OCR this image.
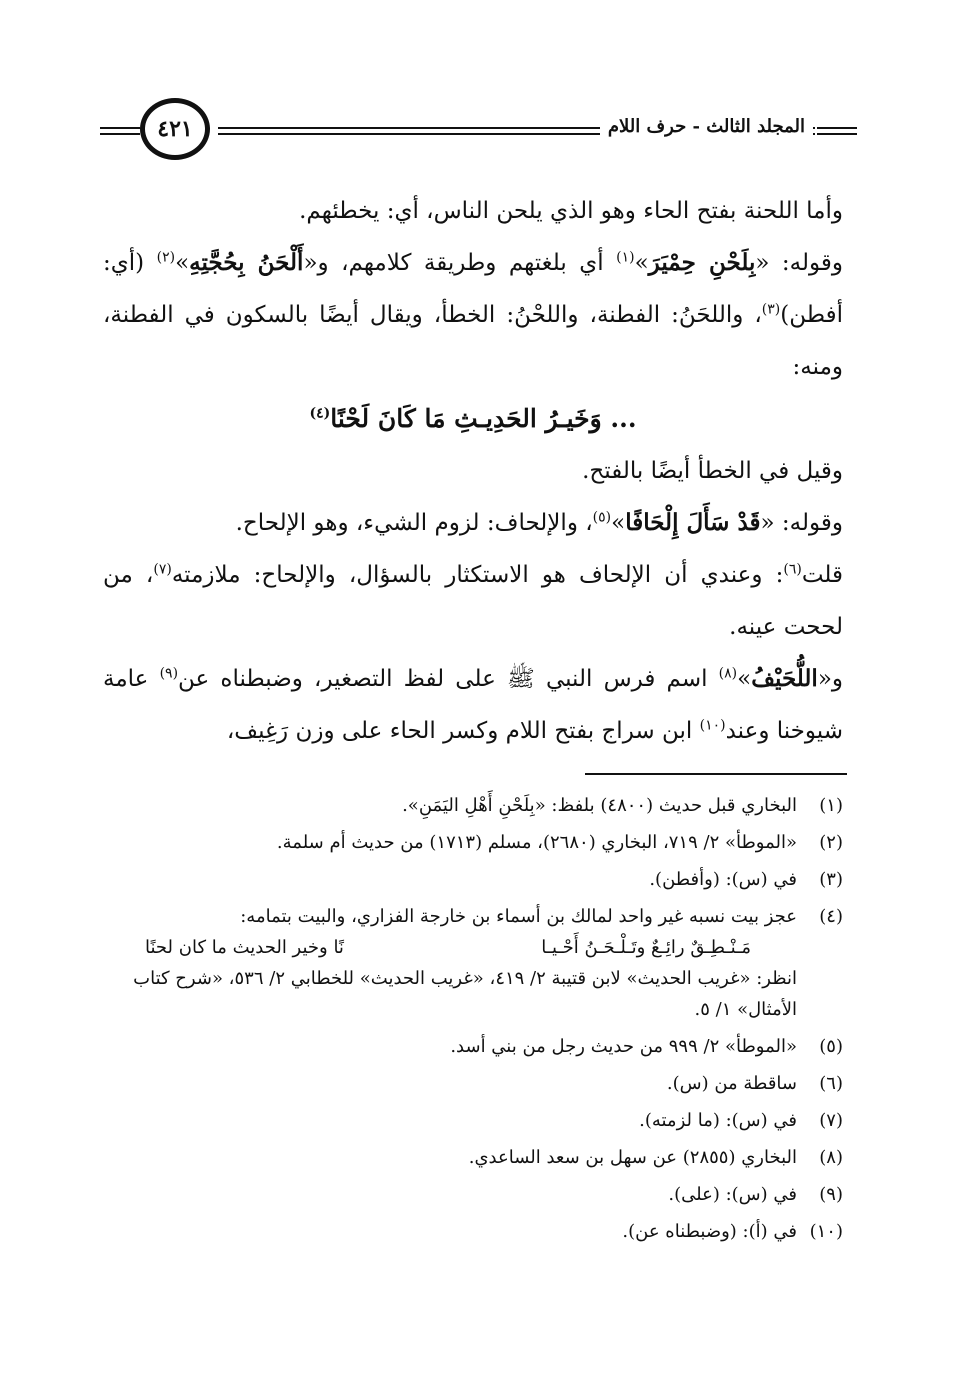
٤٢١	المجلد الثالث - حرف اللام

وأما اللحنة بفتح الحاء وهو الذي يلحن الناس، أي: يخطئهم.

وقوله: «بِلَحْنِ حِمْيَرَ»$^{(١)}$ أي بلغتهم وطريقة كلامهم، و«أَلْحَنُ بِحُجَّتِهِ»$^{(٢)}$ (أي: أفطن)$^{(٣)}$، واللحَنُ: الفطنة، واللحْنُ: الخطأ، ويقال أيضًا بالسكون في الفطنة، ومنه:

... وَخَيـرُ الحَدِيـثِ مَا كَانَ لَحْنًا$^{(٤)}$

وقيل في الخطأ أيضًا بالفتح.

وقوله: «قَدْ سَأَلَ إِلْحَافًا»$^{(٥)}$، والإلحاف: لزوم الشيء، وهو الإلحاح.

قلت$^{(٦)}$: وعندي أن الإلحاف هو الاستكثار بالسؤال، والإلحاح: ملازمته$^{(٧)}$، من لححت عينه.

و«اللُّحَيْفُ»$^{(٨)}$ اسم فرس النبي ﷺ على لفظ التصغير، وضبطناه عن$^{(٩)}$ عامة شيوخنا وعند$^{(١٠)}$ ابن سراج بفتح اللام وكسر الحاء على وزن رَغِيف،

(١)
البخاري قبل حديث (٤٨٠٠) بلفظ: «بِلَحْنِ أَهْلِ اليَمَنِ».
(٢)
«الموطأ» ٢/ ٧١٩، البخاري (٢٦٨٠)، مسلم (١٧١٣) من حديث أم سلمة.
(٣)
في (س): (وأفطن).
(٤)
عجز بيت نسبه غير واحد لمالك بن أسماء بن خارجة الفزاري، والبيت بتمامه:
مَـنْـطِـقٌ رائِـعٌ وتَـلْـحَـنُ أَحْـيـا
نًا وخير الحديث ما كان لحنًا
انظر: «غريب الحديث» لابن قتيبة ٢/ ٤١٩، «غريب الحديث» للخطابي ٢/ ٥٣٦، «شرح كتاب الأمثال» ١/ ٥.
(٥)
«الموطأ» ٢/ ٩٩٩ من حديث رجل من بني أسد.
(٦)
ساقطة من (س).
(٧)
في (س): (ما لزمته).
(٨)
البخاري (٢٨٥٥) عن سهل بن سعد الساعدي.
(٩)
في (س): (على).
(١٠)
في (أ): (وضبطناه عن).
